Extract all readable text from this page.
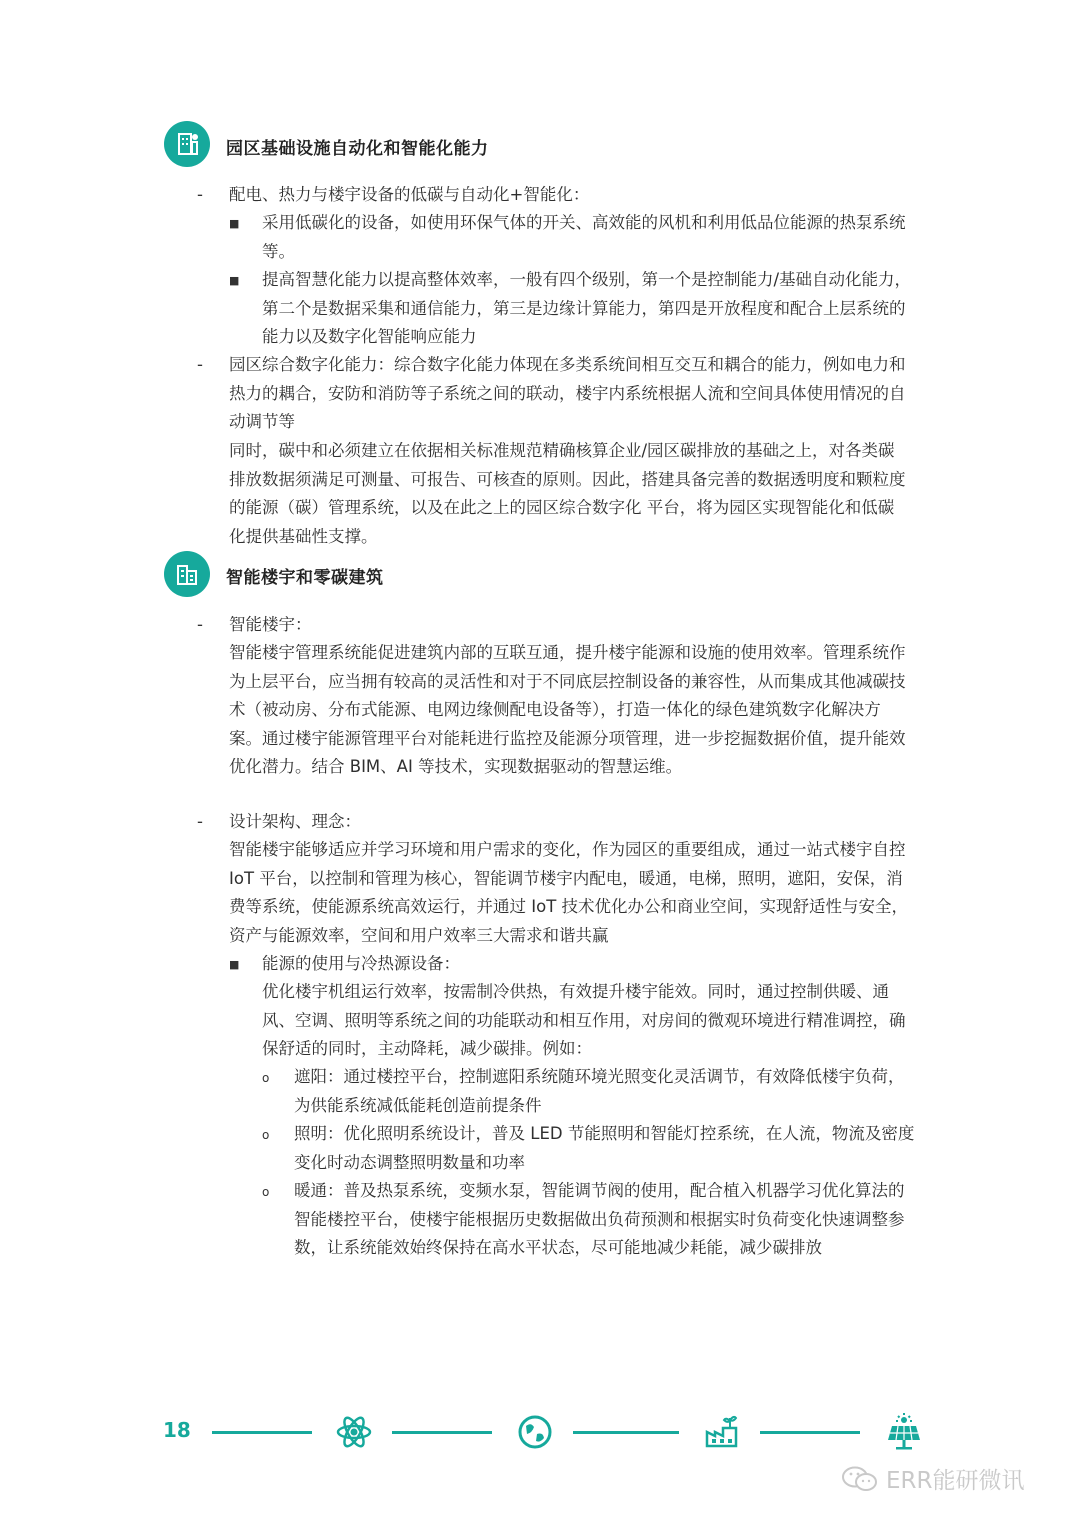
园区基础设施自动化和智能化能力
- 配电、热力与楼宇设备的低碳与自动化+智能化：
■ 采用低碳化的设备，如使用环保气体的开关、高效能的风机和利用低品位能源的热泵系统等。
■ 提高智慧化能力以提高整体效率，一般有四个级别，第一个是控制能力/基础自动化能力，第二个是数据采集和通信能力，第三是边缘计算能力，第四是开放程度和配合上层系统的能力以及数字化智能响应能力
- 园区综合数字化能力：综合数字化能力体现在多类系统间相互交互和耦合的能力，例如电力和热力的耦合，安防和消防等子系统之间的联动，楼宇内系统根据人流和空间具体使用情况的自动调节等
同时，碳中和必须建立在依据相关标准规范精确核算企业/园区碳排放的基础之上，对各类碳排放数据须满足可测量、可报告、可核查的原则。因此，搭建具备完善的数据透明度和颗粒度的能源（碳）管理系统，以及在此之上的园区综合数字化 平台，将为园区实现智能化和低碳化提供基础性支撑。
智能楼宇和零碳建筑
- 智能楼宇：
智能楼宇管理系统能促进建筑内部的互联互通，提升楼宇能源和设施的使用效率。管理系统作为上层平台，应当拥有较高的灵活性和对于不同底层控制设备的兼容性，从而集成其他减碳技术（被动房、分布式能源、电网边缘侧配电设备等），打造一体化的绿色建筑数字化解决方案。通过楼宇能源管理平台对能耗进行监控及能源分项管理，进一步挖掘数据价值，提升能效优化潜力。结合 BIM、AI 等技术，实现数据驱动的智慧运维。
- 设计架构、理念：
智能楼宇能够适应并学习环境和用户需求的变化，作为园区的重要组成，通过一站式楼宇自控 IoT 平台，以控制和管理为核心，智能调节楼宇内配电，暖通，电梯，照明，遮阳，安保，消费等系统，使能源系统高效运行，并通过 IoT 技术优化办公和商业空间，实现舒适性与安全，资产与能源效率，空间和用户效率三大需求和谐共赢
■ 能源的使用与冷热源设备：
优化楼宇机组运行效率，按需制冷供热，有效提升楼宇能效。同时，通过控制供暖、通风、空调、照明等系统之间的功能联动和相互作用，对房间的微观环境进行精准调控，确保舒适的同时，主动降耗，减少碳排。例如：
o 遮阳：通过楼控平台，控制遮阳系统随环境光照变化灵活调节，有效降低楼宇负荷，为供能系统减低能耗创造前提条件
o 照明：优化照明系统设计，普及 LED 节能照明和智能灯控系统，在人流，物流及密度变化时动态调整照明数量和功率
o 暖通：普及热泵系统，变频水泵，智能调节阀的使用，配合植入机器学习优化算法的智能楼控平台，使楼宇能根据历史数据做出负荷预测和根据实时负荷变化快速调整参数，让系统能效始终保持在高水平状态，尽可能地减少耗能，减少碳排放
18
ERR能研微讯
